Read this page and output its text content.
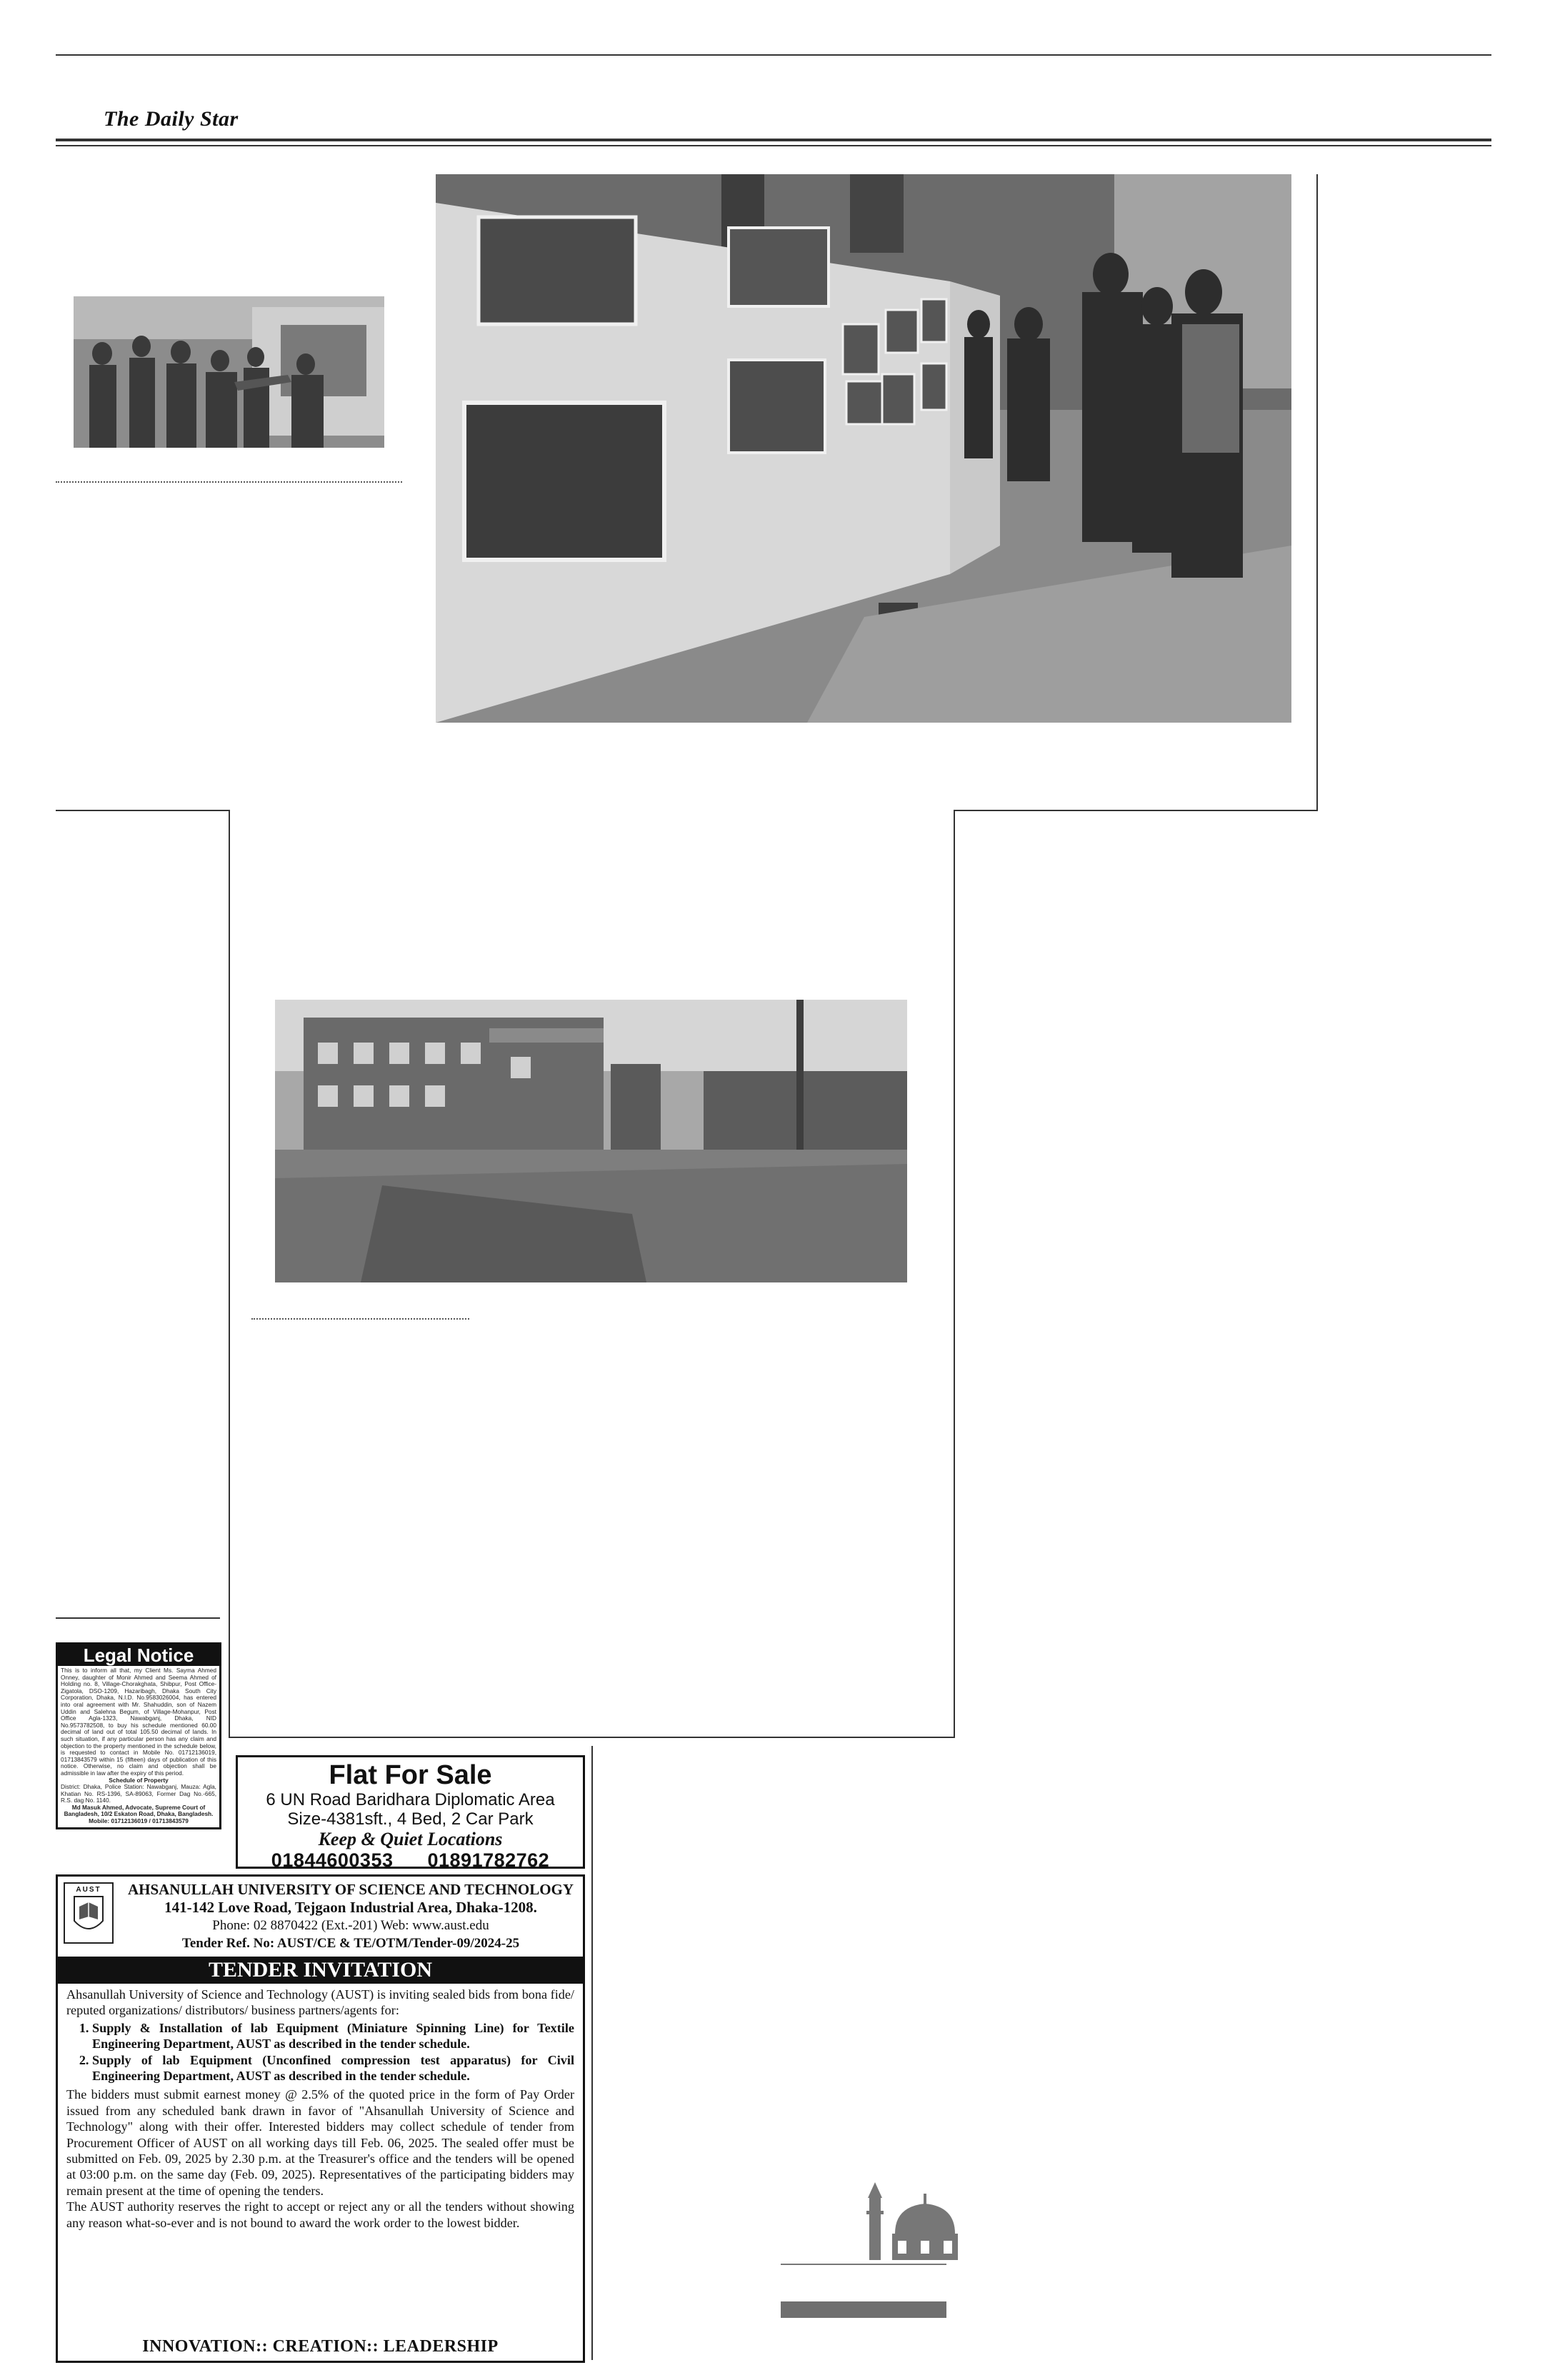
The Daily Star
Legal Notice
This is to inform all that, my Client Ms. Sayma Ahmed Onney, daughter of Monir Ahmed and Seema Ahmed of Holding no. 8, Village-Chorakghata, Shibpur, Post Office-Zigatola, DSO-1209, Hazaribagh, Dhaka South City Corporation, Dhaka, N.I.D. No.9583026004, has entered into oral agreement with Mr. Shahuddin, son of Nazem Uddin and Salehna Begum, of Village-Mohanpur, Post Office Agla-1323, Nawabganj, Dhaka, NID No.9573782508, to buy his schedule mentioned 60.00 decimal of land out of total 105.50 decimal of lands. In such situation, if any particular person has any claim and objection to the property mentioned in the schedule below, is requested to contact in Mobile No. 01712136019, 01713843579 within 15 (fifteen) days of publication of this notice. Otherwise, no claim and objection shall be admissible in law after the expiry of this period.
Schedule of Property
District: Dhaka, Police Station: Nawabganj, Mauza: Agla, Khatian No. RS-1396, SA-89063, Former Dag No.-665, R.S. dag No. 1140.
Md Masuk Ahmed, Advocate, Supreme Court of Bangladesh, 10/2 Eskaton Road, Dhaka, Bangladesh. Mobile: 01712136019 / 01713843579
Flat For Sale
6 UN Road Baridhara Diplomatic Area
Size-4381sft., 4 Bed, 2 Car Park
Keep & Quiet Locations
01844600353 01891782762
AUST	AHSANULLAH UNIVERSITY OF SCIENCE AND TECHNOLOGY
141-142 Love Road, Tejgaon Industrial Area, Dhaka-1208.
Phone: 02 8870422 (Ext.-201) Web: www.aust.edu
Tender Ref. No: AUST/CE & TE/OTM/Tender-09/2024-25
TENDER INVITATION

Ahsanullah University of Science and Technology (AUST) is inviting sealed bids from bona fide/ reputed organizations/ distributors/ business partners/agents for:

1. Supply & Installation of lab Equipment (Miniature Spinning Line) for Textile Engineering Department, AUST as described in the tender schedule.
2. Supply of lab Equipment (Unconfined compression test apparatus) for Civil Engineering Department, AUST as described in the tender schedule.

The bidders must submit earnest money @ 2.5% of the quoted price in the form of Pay Order issued from any scheduled bank drawn in favor of "Ahsanullah University of Science and Technology" along with their offer. Interested bidders may collect schedule of tender from Procurement Officer of AUST on all working days till Feb. 06, 2025. The sealed offer must be submitted on Feb. 09, 2025 by 2.30 p.m. at the Treasurer's office and the tenders will be opened at 03:00 p.m. on the same day (Feb. 09, 2025). Representatives of the participating bidders may remain present at the time of opening the tenders.

The AUST authority reserves the right to accept or reject any or all the tenders without showing any reason what-so-ever and is not bound to award the work order to the lowest bidder.

INNOVATION:: CREATION:: LEADERSHIP
